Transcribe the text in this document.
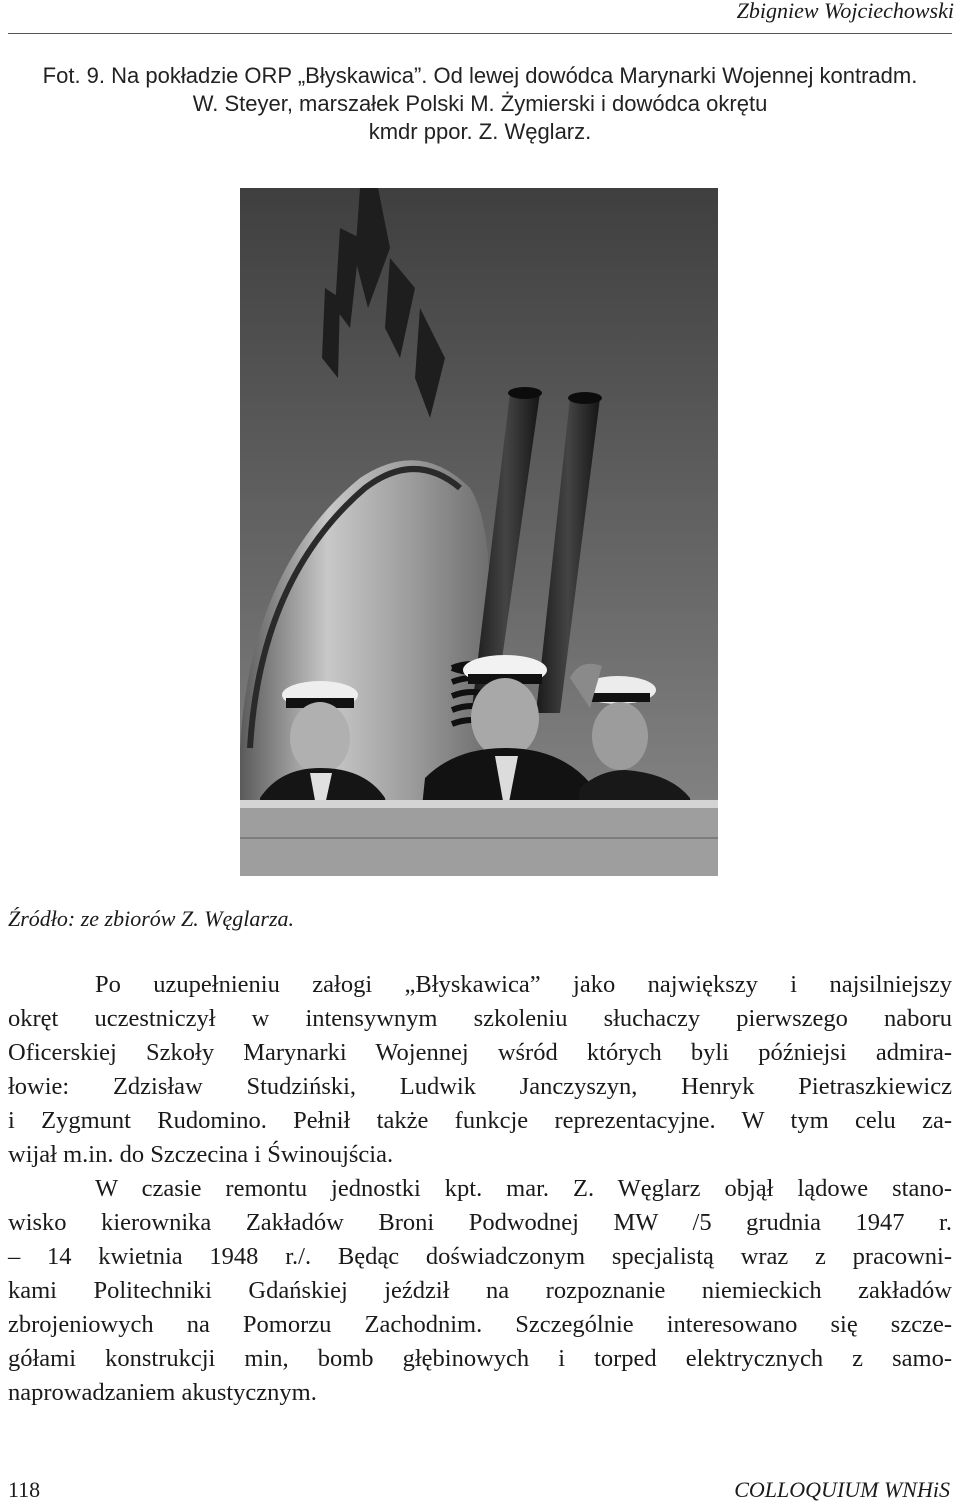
Zbigniew Wojciechowski
Fot. 9. Na pokładzie ORP „Błyskawica”. Od lewej dowódca Marynarki Wojennej kontradm.
W. Steyer, marszałek Polski M. Żymierski i dowódca okrętu
kmdr ppor. Z. Węglarz.
Źródło: ze zbiorów Z. Węglarza.
Po uzupełnieniu załogi „Błyskawica” jako największy i najsilniejszy
okręt uczestniczył w intensywnym szkoleniu słuchaczy pierwszego naboru
Oficerskiej Szkoły Marynarki Wojennej wśród których byli późniejsi admira-
łowie: Zdzisław Studziński, Ludwik Janczyszyn, Henryk Pietraszkiewicz
i Zygmunt Rudomino. Pełnił także funkcje reprezentacyjne. W tym celu za-
wijał m.in. do Szczecina i Świnoujścia.
W czasie remontu jednostki kpt. mar. Z. Węglarz objął lądowe stano-
wisko kierownika Zakładów Broni Podwodnej MW /5 grudnia 1947 r.
– 14 kwietnia 1948 r./. Będąc doświadczonym specjalistą wraz z pracowni-
kami Politechniki Gdańskiej jeździł na rozpoznanie niemieckich zakładów
zbrojeniowych na Pomorzu Zachodnim. Szczególnie interesowano się szcze-
gółami konstrukcji min, bomb głębinowych i torped elektrycznych z samo-
naprowadzaniem akustycznym.
118	COLLOQUIUM WNHiS
